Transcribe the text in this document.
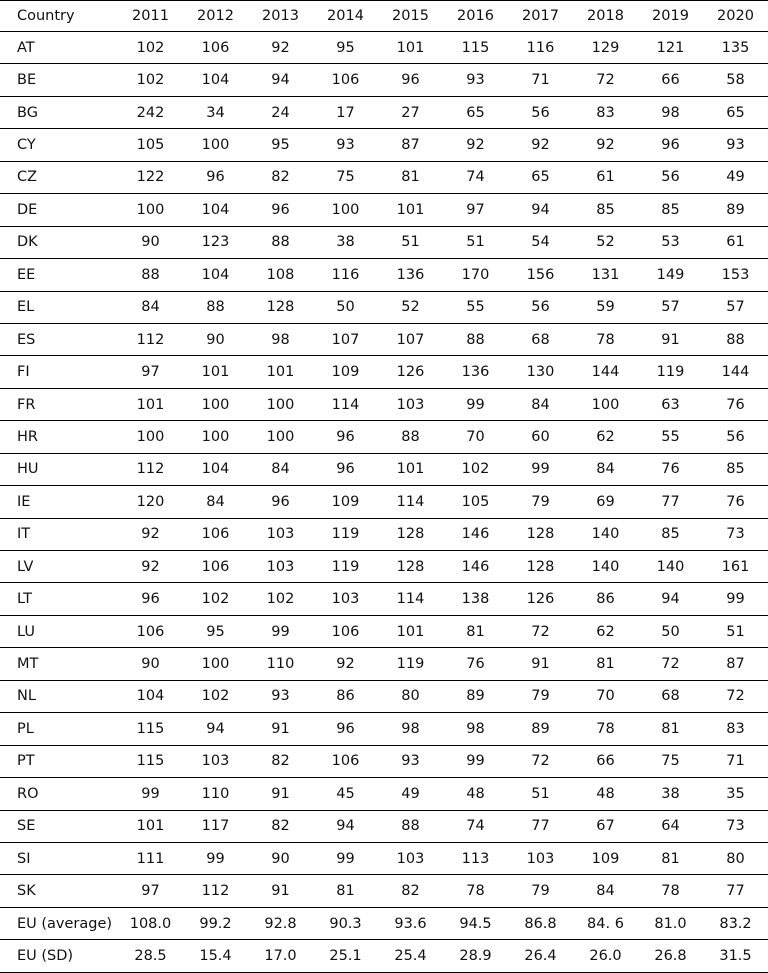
Country	2011	2012	2013	2014	2015	2016	2017	2018	2019	2020
AT	102	106	92	95	101	115	116	129	121	135
BE	102	104	94	106	96	93	71	72	66	58
BG	242	34	24	17	27	65	56	83	98	65
CY	105	100	95	93	87	92	92	92	96	93
CZ	122	96	82	75	81	74	65	61	56	49
DE	100	104	96	100	101	97	94	85	85	89
DK	90	123	88	38	51	51	54	52	53	61
EE	88	104	108	116	136	170	156	131	149	153
EL	84	88	128	50	52	55	56	59	57	57
ES	112	90	98	107	107	88	68	78	91	88
FI	97	101	101	109	126	136	130	144	119	144
FR	101	100	100	114	103	99	84	100	63	76
HR	100	100	100	96	88	70	60	62	55	56
HU	112	104	84	96	101	102	99	84	76	85
IE	120	84	96	109	114	105	79	69	77	76
IT	92	106	103	119	128	146	128	140	85	73
LV	92	106	103	119	128	146	128	140	140	161
LT	96	102	102	103	114	138	126	86	94	99
LU	106	95	99	106	101	81	72	62	50	51
MT	90	100	110	92	119	76	91	81	72	87
NL	104	102	93	86	80	89	79	70	68	72
PL	115	94	91	96	98	98	89	78	81	83
PT	115	103	82	106	93	99	72	66	75	71
RO	99	110	91	45	49	48	51	48	38	35
SE	101	117	82	94	88	74	77	67	64	73
SI	111	99	90	99	103	113	103	109	81	80
SK	97	112	91	81	82	78	79	84	78	77
EU (average)	108.0	99.2	92.8	90.3	93.6	94.5	86.8	84. 6	81.0	83.2
EU (SD)	28.5	15.4	17.0	25.1	25.4	28.9	26.4	26.0	26.8	31.5
